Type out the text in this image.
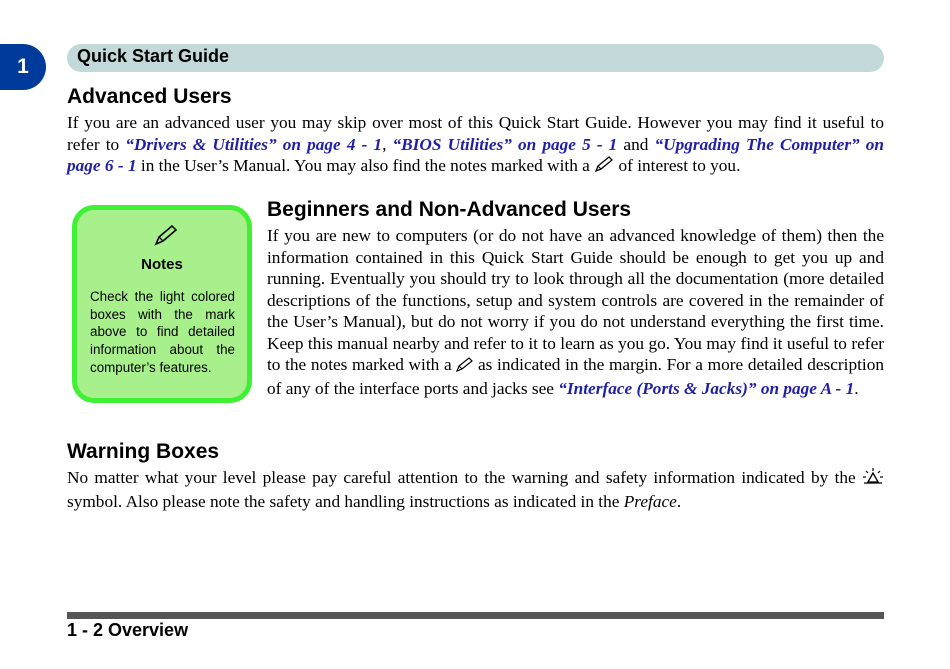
1	Quick Start Guide
Advanced Users

If you are an advanced user you may skip over most of this Quick Start Guide. However you may find it useful to refer to “Drivers & Utilities” on page 4 - 1, “BIOS Utilities” on page 5 - 1 and “Upgrading The Computer” on page 6 - 1 in the User’s Manual. You may also find the notes marked with a  of interest to you.

Notes

Check the light colored boxes with the mark above to find detailed information about the computer’s features.

Beginners and Non-Advanced Users

If you are new to computers (or do not have an advanced knowledge of them) then the information contained in this Quick Start Guide should be enough to get you up and running. Eventually you should try to look through all the documentation (more detailed descriptions of the functions, setup and system controls are covered in the remainder of the User’s Manual), but do not worry if you do not understand everything the first time. Keep this manual nearby and refer to it to learn as you go. You may find it useful to refer to the notes marked with a  as indicated in the margin. For a more detailed description of any of the interface ports and jacks see “Interface (Ports & Jacks)” on page A - 1.

Warning Boxes

No matter what your level please pay careful attention to the warning and safety information indicated by the  symbol. Also please note the safety and handling instructions as indicated in the Preface.

1 - 2 Overview
